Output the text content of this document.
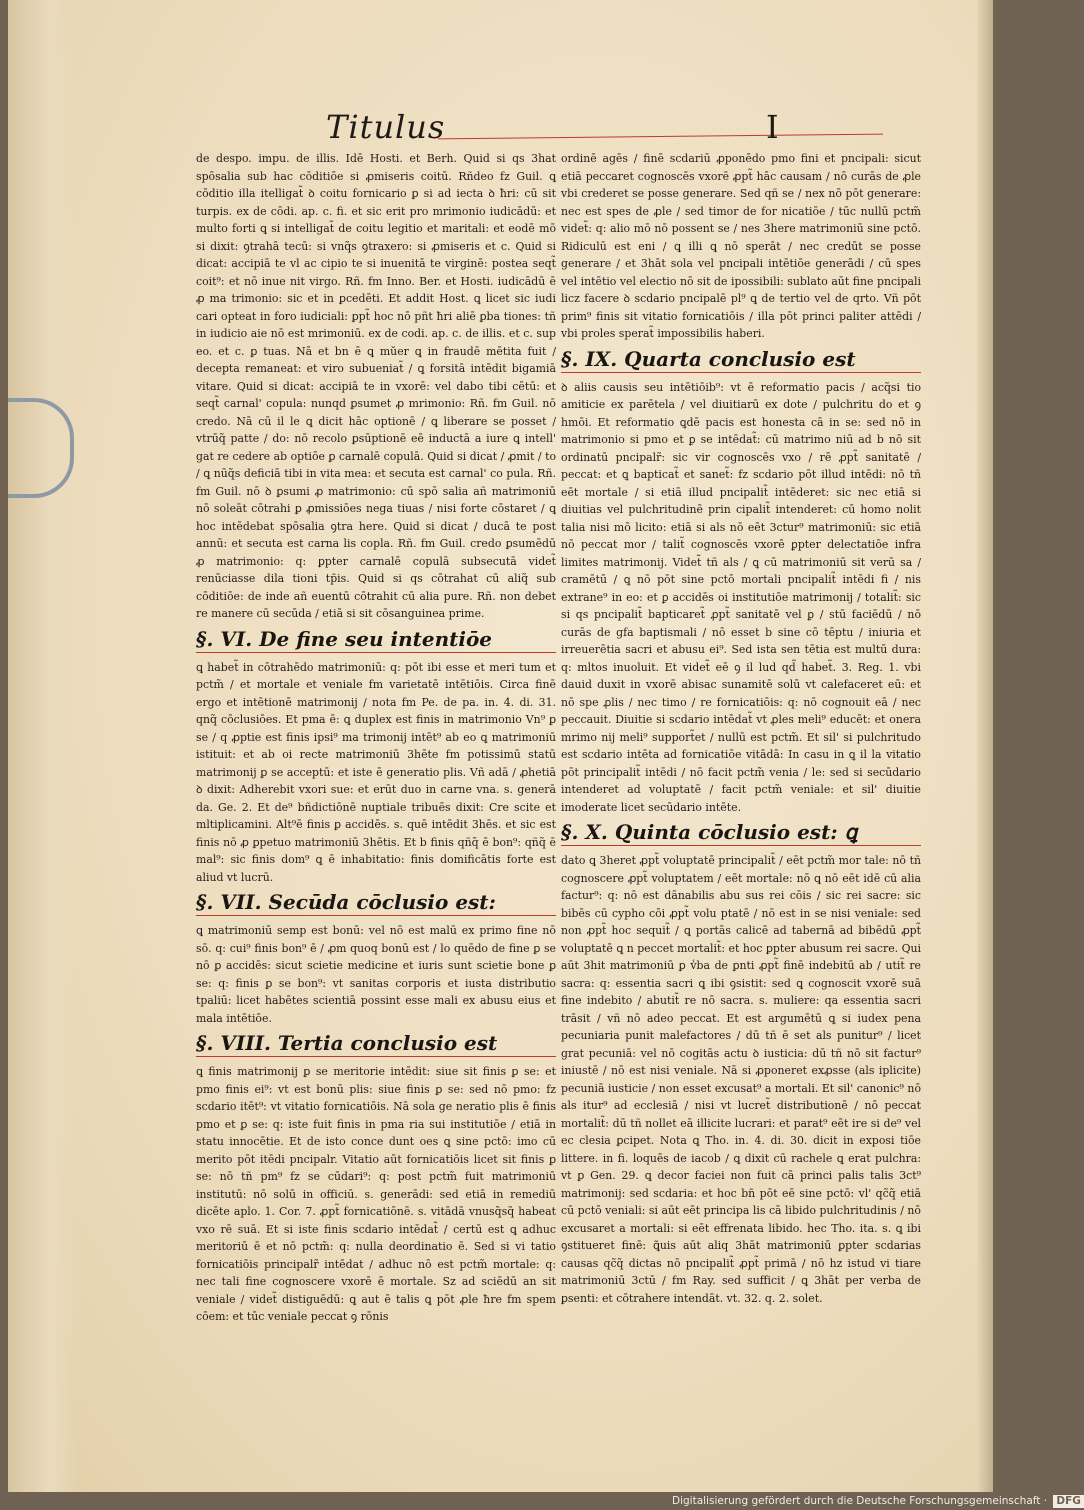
Titulus	I

de despo. impu. de illis. Idē Hosti. et Berh. Quid si qs 3hat spōsalia sub hac cōditiōe si ꝓmiseris coitū. Rñdeo fz Guil. ꝗ cōditio illa itelligat̃ ꝺ coitu fornicario ꝑ si ad iecta ꝺ ħri: cū sit turpis. ex de cōdi. ap. c. fi. et sic erit pro mrimonio iudicādū: et multo forti ꝗ si intelligat̃ de coitu legitio et maritali: et eodē mō si dixit: ꝯtrahā tecū: si vnq̃s ꝯtraxero: si ꝓmiseris et c. Quid si dicat: accipiā te vl ac cipio te si inuenitā te virginē: postea seqt̃ coit⁹: et nō inue nit virgo. Rñ. fm Inno. Ber. et Hosti. iudicādū ē ꝓ ma trimonio: sic et in ꝑcedēti. Et addit Host. ꝗ licet sic iudi cari opteat in foro iudiciali: ꝑpt̃ hoc nō pñt ħri aliē ꝑba tiones: tñ in iudicio aie nō est mrimoniū. ex de codi. ap. c. de illis. et c. sup eo. et c. ꝑ tuas. Nā et bn ē ꝗ mŭer ꝗ in fraudē mētita fuit / decepta remaneat: et viro subueniat̃ / ꝗ forsitā intēdit bigamiā vitare. Quid si dicat: accipiā te in vxorē: vel dabo tibi cētū: et seqt̃ carnal' copula: nunqd ꝑsumet ꝓ mrimonio: Rñ. fm Guil. nō credo. Nā cū il le ꝗ dicit hāc optionē / ꝗ liberare se posset / vtrūq̃ patte / do: nō recolo ꝑsūptionē eē inductā a iure ꝗ intell' gat re cedere ab optiōe ꝑ carnalē copulā. Quid si dicat / ꝓmit / to / ꝗ nūq̃s deficiā tibi in vita mea: et secuta est carnal' co pula. Rñ. fm Guil. nō ꝺ ꝑsumi ꝓ matrimonio: cū spō salia añ matrimoniū nō soleāt cōtrahi ꝑ ꝓmissiōes nega tiuas / nisi forte cōstaret / ꝗ hoc intēdebat spōsalia ꝯtra here. Quid si dicat / ducā te post annū: et secuta est carna lis copla. Rñ. fm Guil. credo ꝑsumēdū ꝓ matrimonio: q: ꝑpter carnalē copulā subsecutā videt̃ renūciasse dila tioni tp̄is. Quid si qs cōtrahat cū aliq̃ sub cōditiōe: de inde añ euentū cōtrahit cū alia pure. Rñ. non debet re manere cū secūda / etiā si sit cōsanguinea prime.

§. VI. De fine seu intentiōe

ꝗ habet̃ in cōtrahēdo matrimoniū: q: pōt ibi esse et meri tum et pctm̃ / et mortale et veniale fm varietatē intētiōis. Circa finē ergo et intētionē matrimonij / nota fm Pe. de pa. in. 4. di. 31. qnq̃ cōclusiōes. Et pma ē: ꝗ duplex est finis in matrimonio Vn⁹ ꝑ se / q ꝓptie est finis ipsi⁹ ma trimonij intēt⁹ ab eo ꝗ matrimoniū istituit: et ab oi recte matrimoniū 3hēte fm potissimū statū matrimonij ꝑ se acceptū: et iste ē generatio plis. Vñ adā / ꝓhetiā ꝺ dixit: Adherebit vxori sue: et erūt duo in carne vna. s. generā da. Ge. 2. Et de⁹ bñdictiōnē nuptiale tribuēs dixit: Cre scite et mltiplicamini. Alt⁹ē finis ꝑ accidēs. s. quē intēdit 3hēs. et sic est finis nō ꝓ ꝑpetuo matrimoniū 3hētis. Et b finis qñq̃ ē bon⁹: qñq̃ ē mal⁹: sic finis dom⁹ ꝗ ē inhabitatio: finis domificātis forte est aliud vt lucrū.

§. VII. Secūda cōclusio est:

ꝗ matrimoniū semp est bonū: vel nō est malū ex primo fine nō sō. q: cui⁹ finis bon⁹ ē / ꝓm quoq bonū est / lo quēdo de fine ꝑ se nō ꝑ accidēs: sicut scietie medicine et iuris sunt scietie bone ꝑ se: q: finis ꝑ se bon⁹: vt sanitas corporis et iusta distributio tpaliū: licet habētes scientiā possint esse mali ex abusu eius et mala intētiōe.

§. VIII. Tertia conclusio est

ꝗ finis matrimonij ꝑ se meritorie intēdit: siue sit finis ꝑ se: et pmo finis ei⁹: vt est bonū plis: siue finis ꝑ se: sed nō pmo: fz scdario itēt⁹: vt vitatio fornicatiōis. Nā sola ge neratio plis ē finis pmo et ꝑ se: q: iste fuit finis in pma ria sui institutiōe / etiā in statu innocētie. Et de isto conce dunt oes ꝗ sine pctō: imo cū merito pōt itēdi pncipalr. Vitatio aūt fornicatiōis licet sit finis ꝑ se: nō tñ pm⁹ fz se cūdari⁹: q: post pctm̃ fuit matrimoniū institutū: nō solū in officiū. s. generādi: sed etiā in remediū dicēte aplo. 1. Cor. 7. ꝓpt̃ fornicatiōnē. s. vitādā vnusq̃sq̃ habeat vxo rē suā. Et si iste finis scdario intēdat̃ / certū est ꝗ adhuc meritoriū ē et nō pctm̃: q: nulla deordinatio ē. Sed si vi tatio fornicatiōis principalr̃ intēdat / adhuc nō est pctm̃ mortale: q: nec tali fine cognoscere vxorē ē mortale. Sz ad sciēdū an sit veniale / videt̃ distiguēdū: ꝗ aut ē talis ꝗ pōt ꝓle ħre fm spem cōem: et tūc veniale peccat ꝯ rōnis

ordinē agēs / finē scdariū ꝓponēdo pmo fini et pncipali: sicut etiā peccaret cognoscēs vxorē ꝓpt̃ hāc causam / nō curās de ꝓle vbi crederet se posse generare. Sed qñ se / nex nō pōt generare: nec est spes de ꝓle / sed timor de for nicatiōe / tūc nullū pctm̃ videt̃: q: alio mō nō possent se / nes 3here matrimoniū sine pctō. Ridiculū est eni / ꝗ illi ꝗ nō sperāt / nec credūt se posse generare / et 3hāt sola vel pncipali intētiōe generādi / cū spes vel intētio vel electio nō sit de ipossibili: sublato aūt fine pncipali licz facere ꝺ scdario pncipalē pl⁹ ꝗ de tertio vel de qrto. Vñ pōt prim⁹ finis sit vitatio fornicatiōis / illa pōt princi paliter attēdi / vbi proles sperat̃ impossibilis haberi.

§. IX. Quarta conclusio est

ꝺ aliis causis seu intētiōib⁹: vt ē reformatio pacis / acq̃si tio amiticie ex parētela / vel diuitiarū ex dote / pulchritu do et ꝯ hmōi. Et reformatio ꝗdē pacis est honesta cā in se: sed nō in matrimonio si pmo et ꝑ se intēdat̃: cū matrimo niū ad b nō sit ordinatū pncipalr̃: sic vir cognoscēs vxo / rē ꝓpt̃ sanitatē / peccat: et ꝗ bapticat̃ et sanet̃: fz scdario pōt illud intēdi: nō tñ eēt mortale / si etiā illud pncipalit̃ intēderet: sic nec etiā si diuitias vel pulchritudinē prin cipalit̃ intenderet: cū homo nolit talia nisi mō licito: etiā si als nō eēt 3ctur⁹ matrimoniū: sic etiā nō peccat mor / talit̃ cognoscēs vxorē ꝑpter delectatiōe infra limites matrimonij. Videt̃ tñ als / ꝗ cū matrimoniū sit verū sa / cramētū / ꝗ nō pōt sine pctō mortali pncipalit̃ intēdi fi / nis extrane⁹ in eo: et ꝑ accidēs oi institutiōe matrimonij / totalit̃: sic si qs pncipalit̃ bapticaret̃ ꝓpt̃ sanitatē vel ꝑ / stū faciēdū / nō curās de gfa baptismali / nō esset b sine cō tēptu / iniuria et irreuerētia sacri et abusu ei⁹. Sed ista sen tētia est multū dura: q: mltos inuoluit. Et videt̃ eē ꝯ il lud qd̃ habet̃. 3. Reg. 1. vbi dauid duxit in vxorē abisac sunamitē solū vt calefaceret eū: et nō spe ꝓlis / nec timo / re fornicatiōis: q: nō cognouit eā / nec peccauit. Diuitie si scdario intēdat̃ vt ꝓles meli⁹ educēt: et onera mrimo nij meli⁹ support̃et / nullū est pctm̃. Et sil' si pulchritudo est scdario intēta ad fornicatiōe vitādā: In casu in ꝗ il la vitatio pōt principalit̃ intēdi / nō facit pctm̃ venia / le: sed si secūdario intenderet ad voluptatē / facit pctm̃ veniale: et sil' diuitie imoderate licet secūdario intēte.

§. X. Quinta cōclusio est: ꝗ

dato ꝗ 3heret ꝓpt̃ voluptatē principalit̃ / eēt pctm̃ mor tale: nō tñ cognoscere ꝓpt̃ voluptatem / eēt mortale: nō ꝗ nō eēt idē cū alia factur⁹: q: nō est dānabilis abu sus rei cōis / sic rei sacre: sic bibēs cū cypho cōi ꝓpt̃ volu ptatē / nō est in se nisi veniale: sed non ꝓpt̃ hoc sequit̃ / ꝗ portās calicē ad tabernā ad bibēdū ꝓpt̃ voluptatē ꝗ n peccet mortalit̃: et hoc ꝑpter abusum rei sacre. Qui aūt 3hit matrimoniū ꝑ v̾ba de ꝑnti ꝓpt̃ finē indebitū ab / utit̃ re sacra: q: essentia sacri ꝗ ibi ꝯsistit: sed ꝗ cognoscit vxorē suā fine indebito / abutit̃ re nō sacra. s. muliere: qa essentia sacri trāsit / vñ nō adeo peccat. Et est argumētū ꝗ si iudex pena pecuniaria punit malefactores / dū tñ ē set als punitur⁹ / licet grat pecuniā: vel nō cogitās actu ꝺ iusticia: dū tñ nō sit factur⁹ iniustē / nō est nisi veniale. Nā si ꝓponeret exꝓsse (als iplicite) pecuniā iusticie / non esset excusat⁹ a mortali. Et sil' canonic⁹ nō als itur⁹ ad ecclesiā / nisi vt lucret̃ distributionē / nō peccat mortalit̃: dū tñ nollet eā illicite lucrari: et parat⁹ eēt ire si de⁹ vel ec clesia ꝑcipet. Nota ꝗ Tho. in. 4. di. 30. dicit in exposi tiōe littere. in fi. loquēs de iacob / ꝗ dixit cū rachele ꝗ erat pulchra: vt ꝑ Gen. 29. ꝗ decor faciei non fuit cā princi palis talis 3ct⁹ matrimonij: sed scdaria: et hoc bn̄ pōt eē sine pctō: vl' qc̃q̃ etiā cū pctō veniali: si aūt eēt principa lis cā libido pulchritudinis / nō excusaret a mortali: si eēt effrenata libido. hec Tho. ita. s. ꝗ ibi ꝯstitueret finē: ꝗ̃uis aūt aliq 3hāt matrimoniū ꝑpter scdarias causas qc̃q̃ dictas nō pncipalit̃ ꝓpt̃ primā / nō hz istud vi tiare matrimoniū 3ctū / fm Ray. sed sufficit / ꝗ 3hāt per verba de ꝑsenti: et cōtrahere intendāt. vt. 32. q. 2. solet.

Digitalisierung gefördert durch die Deutsche Forschungsgemeinschaft · DFG
